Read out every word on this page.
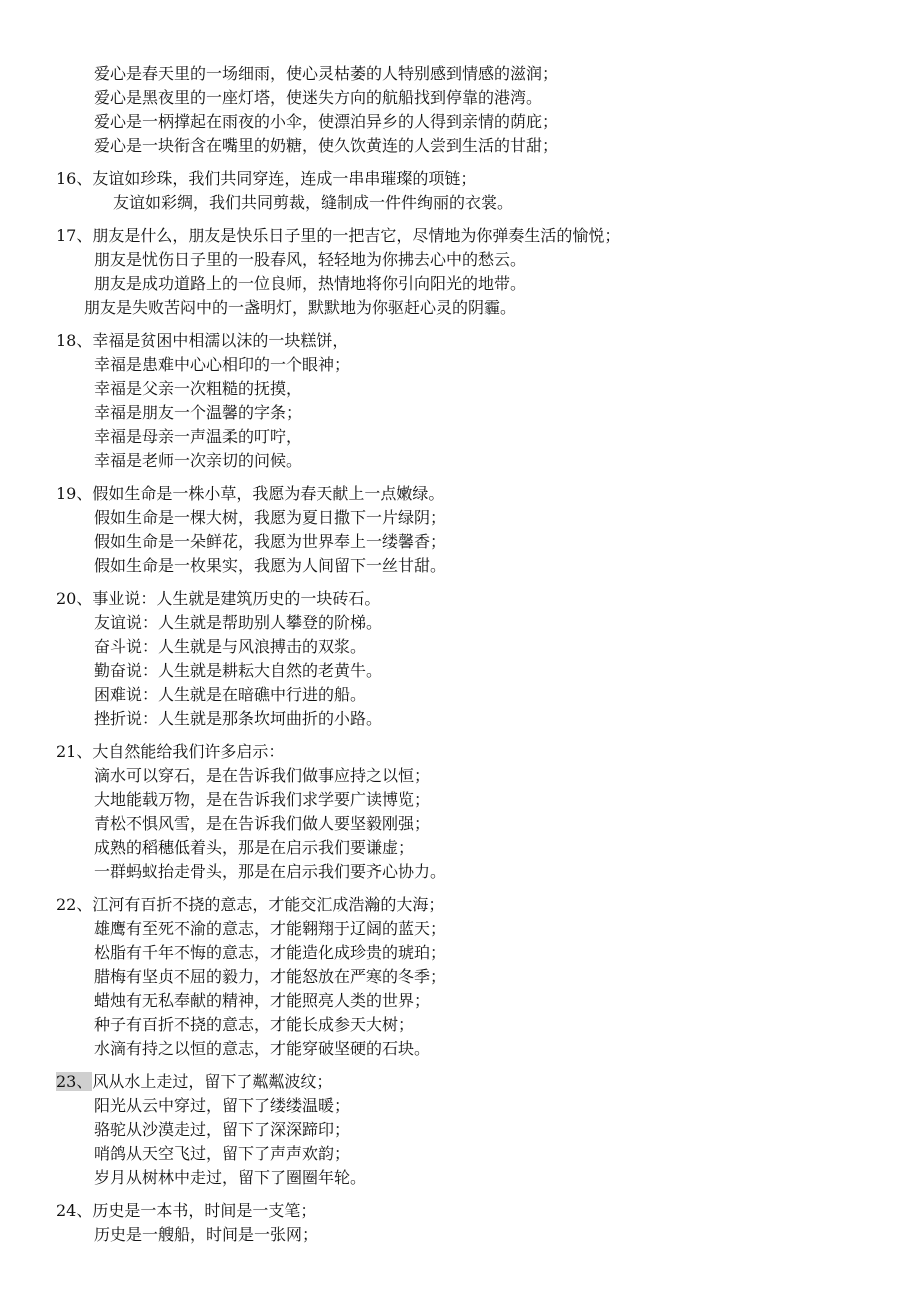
爱心是春天里的一场细雨，使心灵枯萎的人特别感到情感的滋润；
爱心是黑夜里的一座灯塔，使迷失方向的航船找到停靠的港湾。
爱心是一柄撑起在雨夜的小伞，使漂泊异乡的人得到亲情的荫庇；
爱心是一块衔含在嘴里的奶糖，使久饮黄连的人尝到生活的甘甜；
16、友谊如珍珠，我们共同穿连，连成一串串璀璨的项链；
友谊如彩绸，我们共同剪裁，缝制成一件件绚丽的衣裳。
17、朋友是什么，朋友是快乐日子里的一把吉它，尽情地为你弹奏生活的愉悦；
朋友是忧伤日子里的一股春风，轻轻地为你拂去心中的愁云。
朋友是成功道路上的一位良师，热情地将你引向阳光的地带。
朋友是失败苦闷中的一盏明灯，默默地为你驱赶心灵的阴霾。
18、幸福是贫困中相濡以沫的一块糕饼，
幸福是患难中心心相印的一个眼神；
幸福是父亲一次粗糙的抚摸，
幸福是朋友一个温馨的字条；
幸福是母亲一声温柔的叮咛，
幸福是老师一次亲切的问候。
19、假如生命是一株小草，我愿为春天献上一点嫩绿。
假如生命是一棵大树，我愿为夏日撒下一片绿阴；
假如生命是一朵鲜花，我愿为世界奉上一缕馨香；
假如生命是一枚果实，我愿为人间留下一丝甘甜。
20、事业说：人生就是建筑历史的一块砖石。
友谊说：人生就是帮助别人攀登的阶梯。
奋斗说：人生就是与风浪搏击的双浆。
勤奋说：人生就是耕耘大自然的老黄牛。
困难说：人生就是在暗礁中行进的船。
挫折说：人生就是那条坎坷曲折的小路。
21、大自然能给我们许多启示：
滴水可以穿石，是在告诉我们做事应持之以恒；
大地能载万物，是在告诉我们求学要广读博览；
青松不惧风雪，是在告诉我们做人要坚毅刚强；
成熟的稻穗低着头，那是在启示我们要谦虚；
一群蚂蚁抬走骨头，那是在启示我们要齐心协力。
22、江河有百折不挠的意志，才能交汇成浩瀚的大海；
雄鹰有至死不渝的意志，才能翱翔于辽阔的蓝天；
松脂有千年不悔的意志，才能造化成珍贵的琥珀；
腊梅有坚贞不屈的毅力，才能怒放在严寒的冬季；
蜡烛有无私奉献的精神，才能照亮人类的世界；
种子有百折不挠的意志，才能长成参天大树；
水滴有持之以恒的意志，才能穿破坚硬的石块。
23、风从水上走过，留下了粼粼波纹；
阳光从云中穿过，留下了缕缕温暖；
骆驼从沙漠走过，留下了深深蹄印；
哨鸽从天空飞过，留下了声声欢韵；
岁月从树林中走过，留下了圈圈年轮。
24、历史是一本书，时间是一支笔；
历史是一艘船，时间是一张网；
